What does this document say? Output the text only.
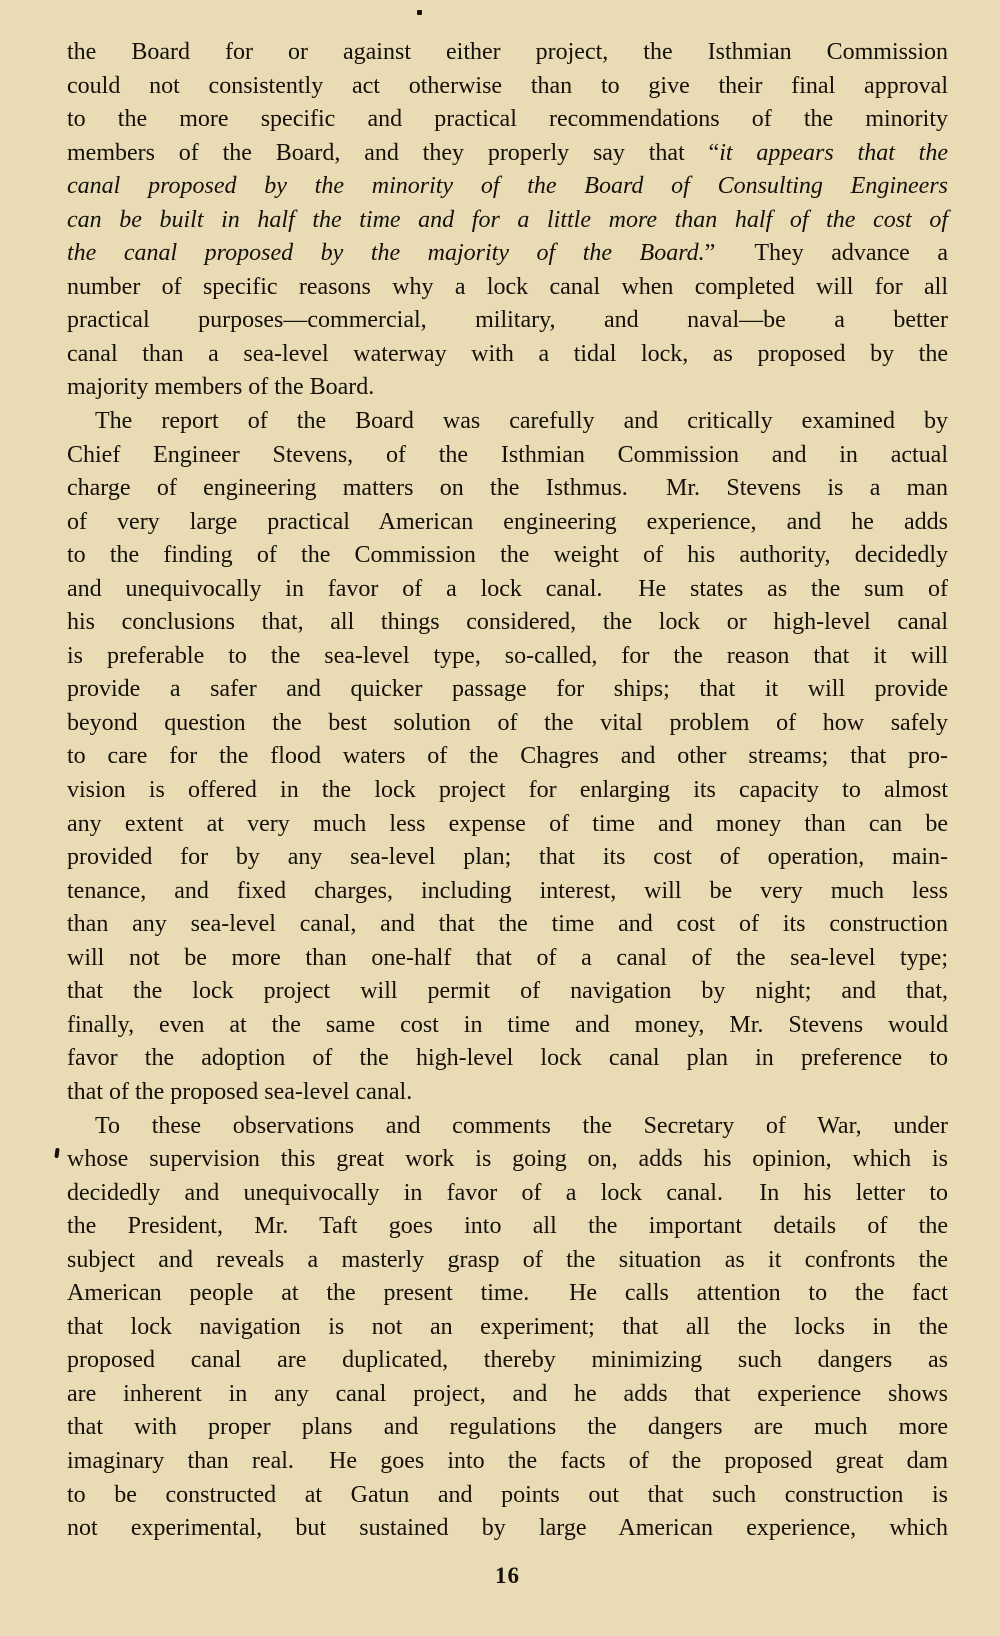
the Board for or against either project, the Isthmian Commission
could not consistently act otherwise than to give their final approval
to the more specific and practical recommendations of the minority
members of the Board, and they properly say that “it appears that the
canal proposed by the minority of the Board of Consulting Engineers
can be built in half the time and for a little more than half of the cost of
the canal proposed by the majority of the Board.”  They advance a
number of specific reasons why a lock canal when completed will for all
practical purposes—commercial, military, and naval—be a better
canal than a sea-level waterway with a tidal lock, as proposed by the
majority members of the Board.
The report of the Board was carefully and critically examined by
Chief Engineer Stevens, of the Isthmian Commission and in actual
charge of engineering matters on the Isthmus.  Mr. Stevens is a man
of very large practical American engineering experience, and he adds
to the finding of the Commission the weight of his authority, decidedly
and unequivocally in favor of a lock canal.  He states as the sum of
his conclusions that, all things considered, the lock or high-level canal
is preferable to the sea-level type, so-called, for the reason that it will
provide a safer and quicker passage for ships; that it will provide
beyond question the best solution of the vital problem of how safely
to care for the flood waters of the Chagres and other streams; that pro-
vision is offered in the lock project for enlarging its capacity to almost
any extent at very much less expense of time and money than can be
provided for by any sea-level plan; that its cost of operation, main-
tenance, and fixed charges, including interest, will be very much less
than any sea-level canal, and that the time and cost of its construction
will not be more than one-half that of a canal of the sea-level type;
that the lock project will permit of navigation by night; and that,
finally, even at the same cost in time and money, Mr. Stevens would
favor the adoption of the high-level lock canal plan in preference to
that of the proposed sea-level canal.
To these observations and comments the Secretary of War, under
whose supervision this great work is going on, adds his opinion, which is
decidedly and unequivocally in favor of a lock canal.  In his letter to
the President, Mr. Taft goes into all the important details of the
subject and reveals a masterly grasp of the situation as it confronts the
American people at the present time.  He calls attention to the fact
that lock navigation is not an experiment; that all the locks in the
proposed canal are duplicated, thereby minimizing such dangers as
are inherent in any canal project, and he adds that experience shows
that with proper plans and regulations the dangers are much more
imaginary than real.  He goes into the facts of the proposed great dam
to be constructed at Gatun and points out that such construction is
not experimental, but sustained by large American experience, which
16
